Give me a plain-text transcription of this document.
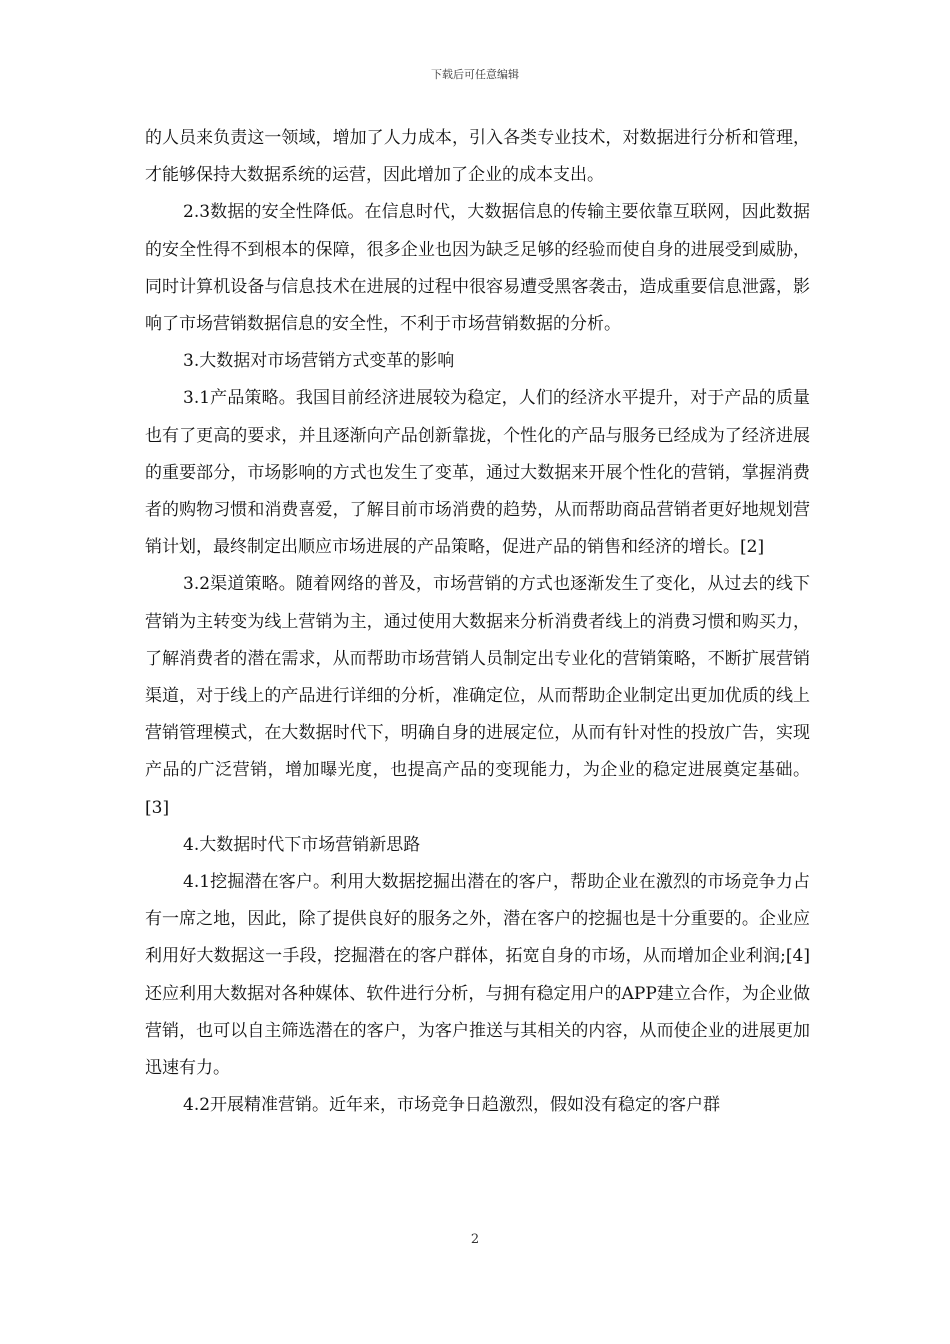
下载后可任意编辑

的人员来负责这一领域，增加了人力成本，引入各类专业技术，对数据进行分析和管理，才能够保持大数据系统的运营，因此增加了企业的成本支出。

2.3数据的安全性降低。在信息时代，大数据信息的传输主要依靠互联网，因此数据的安全性得不到根本的保障，很多企业也因为缺乏足够的经验而使自身的进展受到威胁，同时计算机设备与信息技术在进展的过程中很容易遭受黑客袭击，造成重要信息泄露，影响了市场营销数据信息的安全性，不利于市场营销数据的分析。

3.大数据对市场营销方式变革的影响

3.1产品策略。我国目前经济进展较为稳定，人们的经济水平提升，对于产品的质量也有了更高的要求，并且逐渐向产品创新靠拢，个性化的产品与服务已经成为了经济进展的重要部分，市场影响的方式也发生了变革，通过大数据来开展个性化的营销，掌握消费者的购物习惯和消费喜爱，了解目前市场消费的趋势，从而帮助商品营销者更好地规划营销计划，最终制定出顺应市场进展的产品策略，促进产品的销售和经济的增长。[2]

3.2渠道策略。随着网络的普及，市场营销的方式也逐渐发生了变化，从过去的线下营销为主转变为线上营销为主，通过使用大数据来分析消费者线上的消费习惯和购买力，了解消费者的潜在需求，从而帮助市场营销人员制定出专业化的营销策略，不断扩展营销渠道，对于线上的产品进行详细的分析，准确定位，从而帮助企业制定出更加优质的线上营销管理模式，在大数据时代下，明确自身的进展定位，从而有针对性的投放广告，实现产品的广泛营销，增加曝光度，也提高产品的变现能力，为企业的稳定进展奠定基础。[3]

4.大数据时代下市场营销新思路

4.1挖掘潜在客户。利用大数据挖掘出潜在的客户，帮助企业在激烈的市场竞争力占有一席之地，因此，除了提供良好的服务之外，潜在客户的挖掘也是十分重要的。企业应利用好大数据这一手段，挖掘潜在的客户群体，拓宽自身的市场，从而增加企业利润;[4]还应利用大数据对各种媒体、软件进行分析，与拥有稳定用户的APP建立合作，为企业做营销，也可以自主筛选潜在的客户，为客户推送与其相关的内容，从而使企业的进展更加迅速有力。

4.2开展精准营销。近年来，市场竞争日趋激烈，假如没有稳定的客户群

2
